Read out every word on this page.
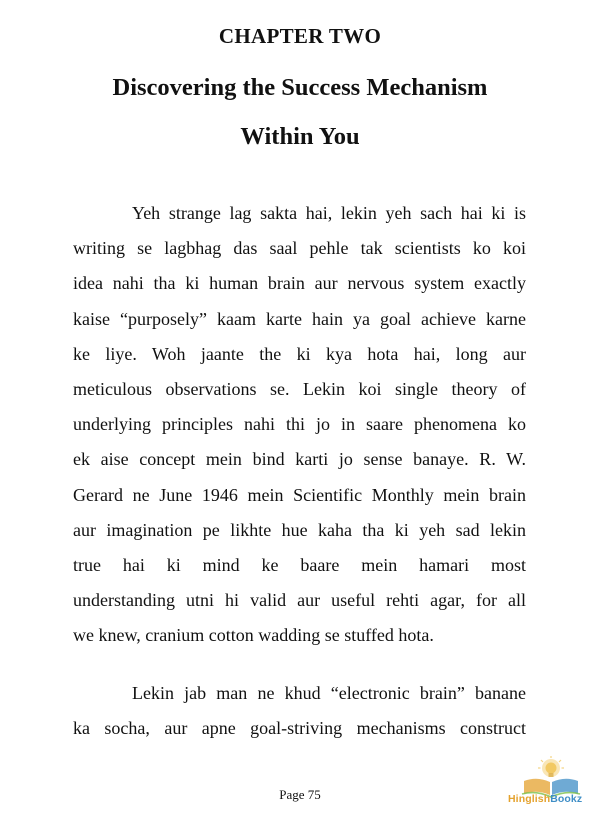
CHAPTER TWO
Discovering the Success Mechanism
Within You
Yeh strange lag sakta hai, lekin yeh sach hai ki is
writing se lagbhag das saal pehle tak scientists ko koi
idea nahi tha ki human brain aur nervous system exactly
kaise “purposely” kaam karte hain ya goal achieve karne
ke liye. Woh jaante the ki kya hota hai, long aur
meticulous observations se. Lekin koi single theory of
underlying principles nahi thi jo in saare phenomena ko
ek aise concept mein bind karti jo sense banaye. R. W.
Gerard ne June 1946 mein Scientific Monthly mein brain
aur imagination pe likhte hue kaha tha ki yeh sad lekin
true hai ki mind ke baare mein hamari most
understanding utni hi valid aur useful rehti agar, for all
we knew, cranium cotton wadding se stuffed hota.
Lekin jab man ne khud “electronic brain” banane
ka socha, aur apne goal-striving mechanisms construct
Page 75	HinglishBookz
